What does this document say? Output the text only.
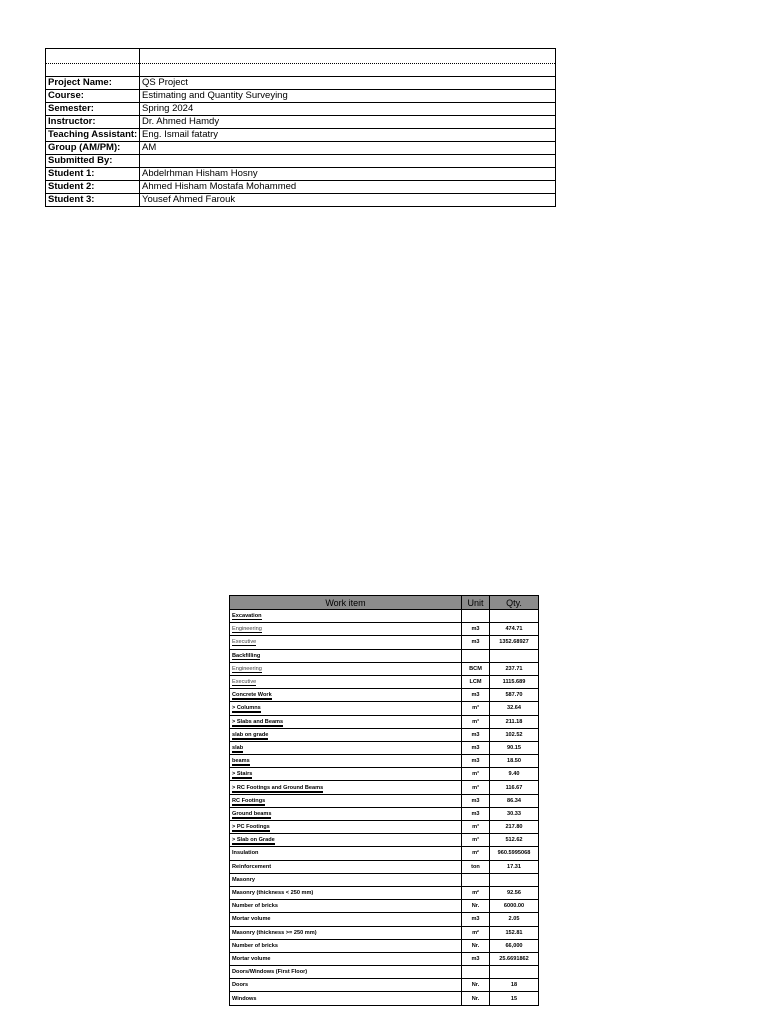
Project Name:	QS Project
Course:	Estimating and Quantity Surveying
Semester:	Spring 2024
Instructor:	Dr. Ahmed Hamdy
Teaching Assistant:	Eng. Ismail fatatry
Group (AM/PM):	AM
Submitted By:	
Student 1:	Abdelrhman Hisham Hosny
Student 2:	Ahmed Hisham Mostafa Mohammed
Student 3:	Yousef Ahmed Farouk
Work item	Unit	Qty.
Excavation		
Engineering	m3	474.71
Executive	m3	1352.68927
Backfilling		
Engineering	BCM	237.71
Executive	LCM	1115.689
Concrete Work	m3	587.70
> Columns	m³	32.64
> Slabs and Beams	m³	211.18
slab on grade	m3	102.52
slab	m3	90.15
beams	m3	18.50
> Stairs	m³	9.40
> RC Footings and Ground Beams	m³	116.67
RC Footings	m3	86.34
Ground beams	m3	30.33
> PC Footings	m³	217.80
> Slab on Grade	m³	512.62
Insulation	m²	960.5995068
Reinforcement	ton	17.31
Masonry		
Masonry (thickness < 250 mm)	m²	92.56
Number of bricks	Nr.	6000.00
Mortar volume	m3	2.05
Masonry (thickness >= 250 mm)	m²	152.81
Number of bricks	Nr.	66,000
Mortar volume	m3	25.6691862
Doors/Windows (First Floor)		
Doors	Nr.	18
Windows	Nr.	15
